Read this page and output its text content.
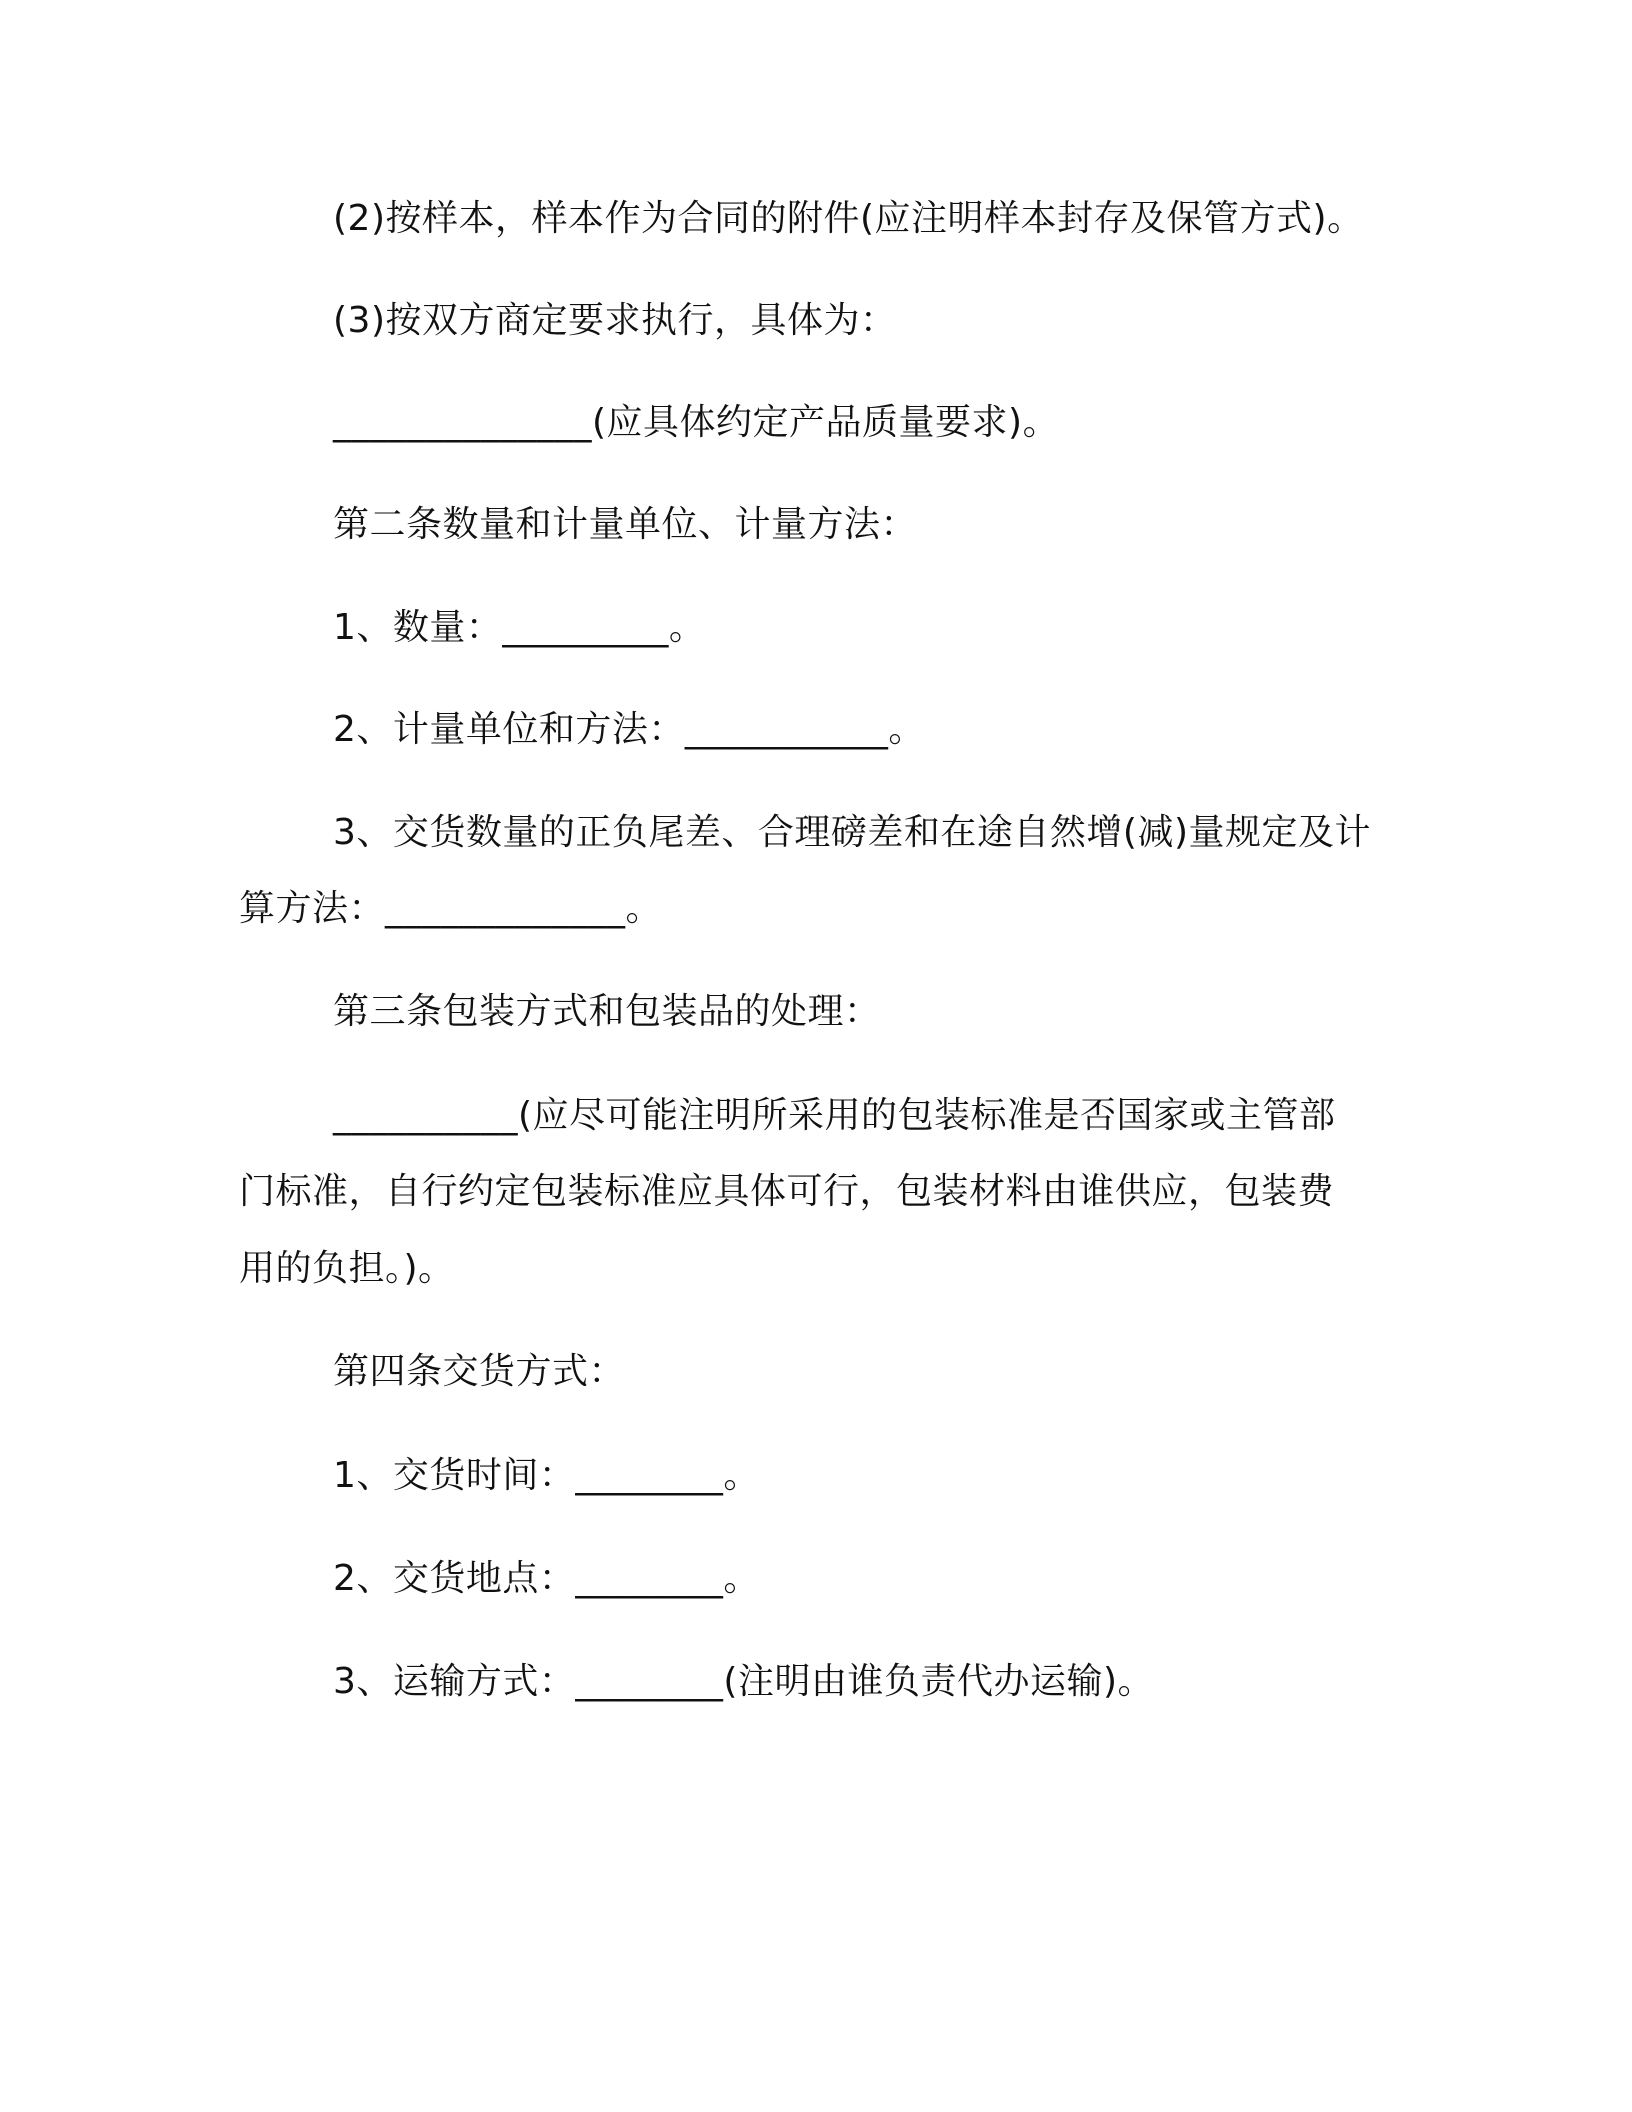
(2)按样本，样本作为合同的附件(应注明样本封存及保管方式)。
(3)按双方商定要求执行，具体为：
______________(应具体约定产品质量要求)。
第二条数量和计量单位、计量方法：
1、数量：_________。
2、计量单位和方法：___________。
3、交货数量的正负尾差、合理磅差和在途自然增(减)量规定及计
算方法：_____________。
第三条包装方式和包装品的处理：
__________(应尽可能注明所采用的包装标准是否国家或主管部
门标准，自行约定包装标准应具体可行，包装材料由谁供应，包装费
用的负担。)。
第四条交货方式：
1、交货时间：________。
2、交货地点：________。
3、运输方式：________(注明由谁负责代办运输)。
